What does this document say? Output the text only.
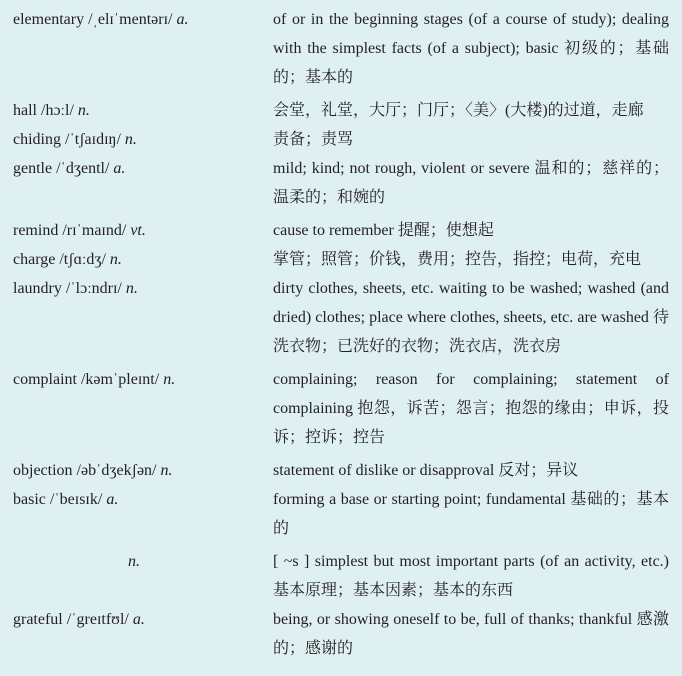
elementary /ˌelɪˈmentərɪ/ a.	of or in the beginning stages (of a course of study); dealing with the simplest facts (of a subject); basic 初级的；基础的；基本的
hall /hɔːl/ n.	会堂，礼堂，大厅；门厅；〈美〉(大楼)的过道，走廊
chiding /ˈtʃaɪdɪŋ/ n.	责备；责骂
gentle /ˈdʒentl/ a.	mild; kind; not rough, violent or severe 温和的；慈祥的；温柔的；和婉的
remind /rɪˈmaɪnd/ vt.	cause to remember 提醒；使想起
charge /tʃɑːdʒ/ n.	掌管；照管；价钱，费用；控告，指控；电荷，充电
laundry /ˈlɔːndrɪ/ n.	dirty clothes, sheets, etc. waiting to be washed; washed (and dried) clothes; place where clothes, sheets, etc. are washed 待洗衣物；已洗好的衣物；洗衣店，洗衣房
complaint /kəmˈpleɪnt/ n.	complaining; reason for complaining; statement of complaining 抱怨，诉苦；怨言；抱怨的缘由；申诉，投诉；控诉；控告
objection /əbˈdʒekʃən/ n.	statement of dislike or disapproval 反对；异议
basic /ˈbeɪsɪk/ a.	forming a base or starting point; fundamental 基础的；基本的
n.	[ ~s ] simplest but most important parts (of an activity, etc.) 基本原理；基本因素；基本的东西
grateful /ˈgreɪtfʊl/ a.	being, or showing oneself to be, full of thanks; thankful 感激的；感谢的
